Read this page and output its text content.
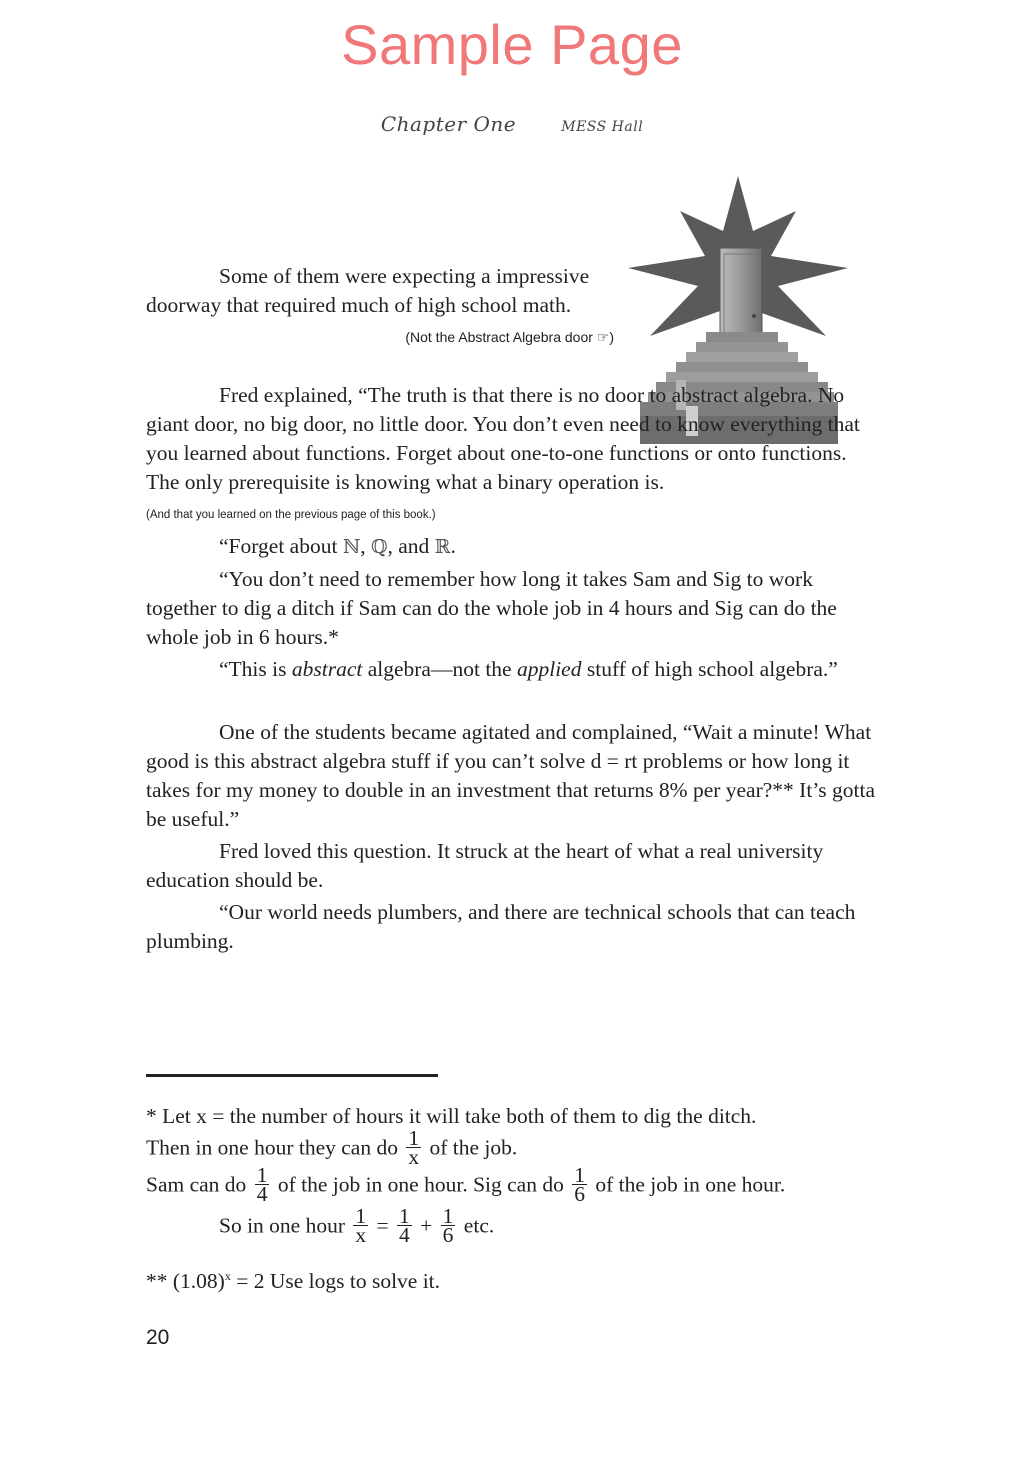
Sample Page
Chapter One	MESS Hall

Some of them were expecting a impressive doorway that required much of high school math.

(Not the Abstract Algebra door ☞)

Fred explained, “The truth is that there is no door to abstract algebra. No giant door, no big door, no little door. You don’t even need to know everything that you learned about functions. Forget about one-to-one functions or onto functions. The only prerequisite is knowing what a binary operation is.

(And that you learned on the previous page of this book.)

“Forget about ℕ, ℚ, and ℝ.

“You don’t need to remember how long it takes Sam and Sig to work together to dig a ditch if Sam can do the whole job in 4 hours and Sig can do the whole job in 6 hours.*

“This is abstract algebra—not the applied stuff of high school algebra.”

One of the students became agitated and complained, “Wait a minute! What good is this abstract algebra stuff if you can’t solve d = rt problems or how long it takes for my money to double in an investment that returns 8% per year?** It’s gotta be useful.”

Fred loved this question. It struck at the heart of what a real university education should be.

“Our world needs plumbers, and there are technical schools that can teach plumbing.

* Let x = the number of hours it will take both of them to dig the ditch.
Then in one hour they can do $\frac{1}{x}$ of the job.
Sam can do $\frac{1}{4}$ of the job in one hour. Sig can do $\frac{1}{6}$ of the job in one hour.
So in one hour $\frac{1}{x} = \frac{1}{4} + \frac{1}{6}$ etc.
** $(1.08)^x = 2$ Use logs to solve it.
20
